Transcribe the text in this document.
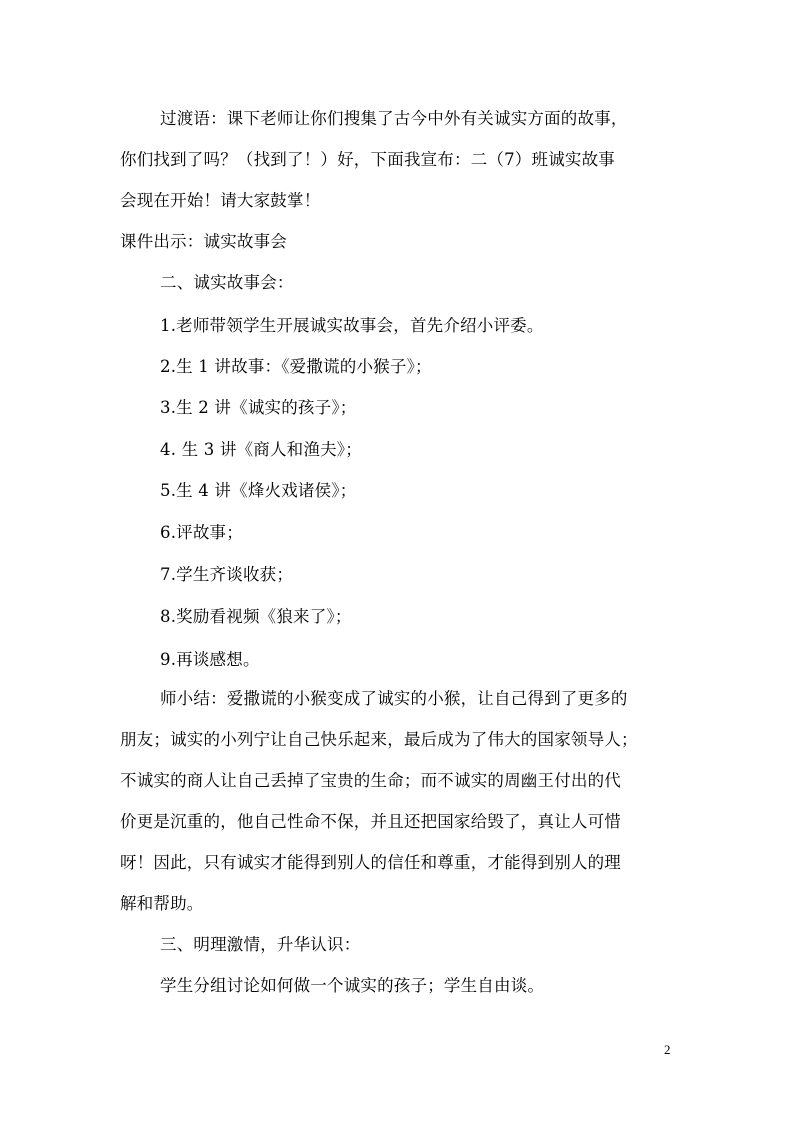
过渡语：课下老师让你们搜集了古今中外有关诚实方面的故事，
你们找到了吗？（找到了！）好，下面我宣布：二（7）班诚实故事
会现在开始！请大家鼓掌！
课件出示：诚实故事会
二、诚实故事会：
1.老师带领学生开展诚实故事会，首先介绍小评委。
2.生 1 讲故事：《爱撒谎的小猴子》；
3.生 2 讲《诚实的孩子》；
4. 生 3 讲《商人和渔夫》；
5.生 4 讲《烽火戏诸侯》；
6.评故事；
7.学生齐谈收获；
8.奖励看视频《狼来了》；
9.再谈感想。
师小结：爱撒谎的小猴变成了诚实的小猴，让自己得到了更多的
朋友；诚实的小列宁让自己快乐起来，最后成为了伟大的国家领导人；
不诚实的商人让自己丢掉了宝贵的生命；而不诚实的周幽王付出的代
价更是沉重的，他自己性命不保，并且还把国家给毁了，真让人可惜
呀！因此，只有诚实才能得到别人的信任和尊重，才能得到别人的理
解和帮助。
三、明理激情，升华认识：
学生分组讨论如何做一个诚实的孩子；学生自由谈。
2
